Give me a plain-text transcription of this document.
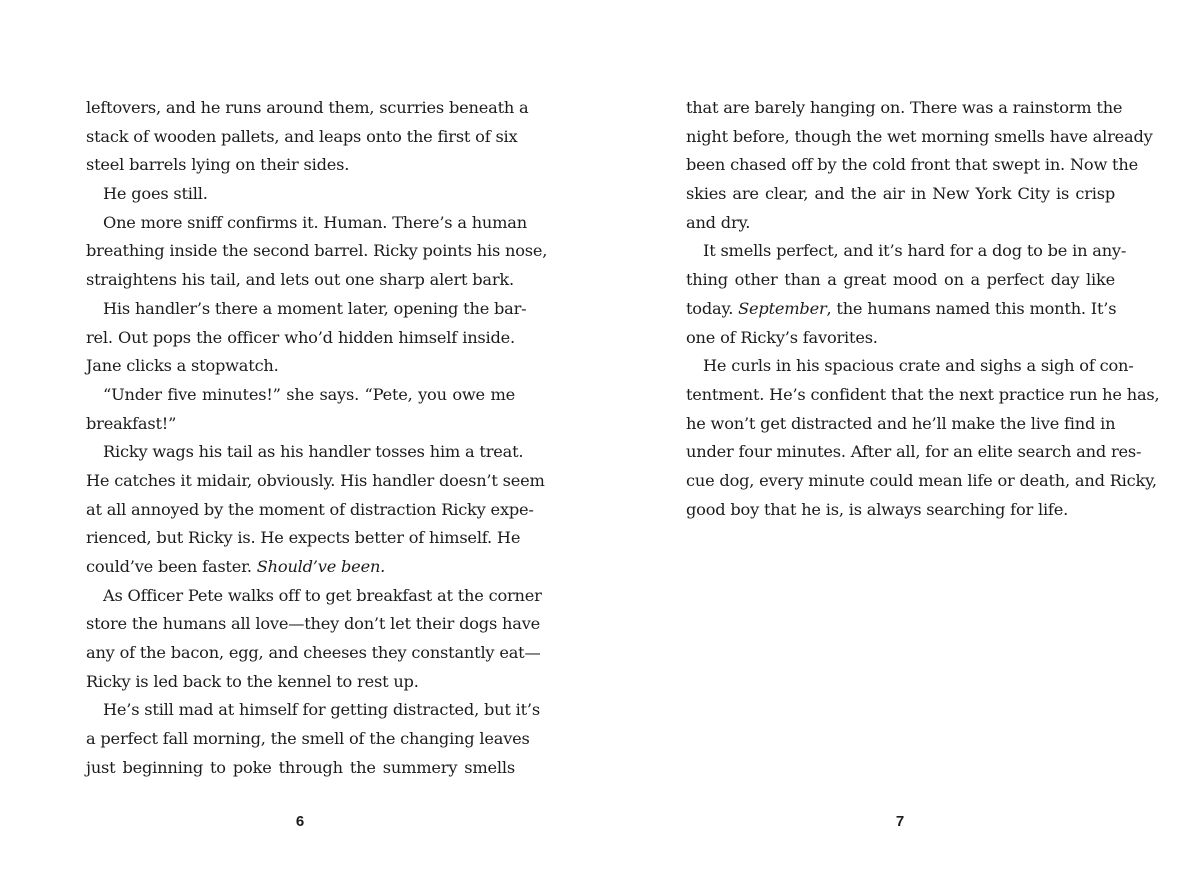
leftovers, and he runs around them, scurries beneath a
stack of wooden pallets, and leaps onto the first of six
steel barrels lying on their sides.
He goes still.
One more sniff confirms it. Human. There’s a human
breathing inside the second barrel. Ricky points his nose,
straightens his tail, and lets out one sharp alert bark.
His handler’s there a moment later, opening the bar-
rel. Out pops the officer who’d hidden himself inside.
Jane clicks a stopwatch.
“Under five minutes!” she says. “Pete, you owe me
breakfast!”
Ricky wags his tail as his handler tosses him a treat.
He catches it midair, obviously. His handler doesn’t seem
at all annoyed by the moment of distraction Ricky expe-
rienced, but Ricky is. He expects better of himself. He
could’ve been faster. Should’ve been.
As Officer Pete walks off to get breakfast at the corner
store the humans all love—they don’t let their dogs have
any of the bacon, egg, and cheeses they constantly eat—
Ricky is led back to the kennel to rest up.
He’s still mad at himself for getting distracted, but it’s
a perfect fall morning, the smell of the changing leaves
just beginning to poke through the summery smells
6
that are barely hanging on. There was a rainstorm the
night before, though the wet morning smells have already
been chased off by the cold front that swept in. Now the
skies are clear, and the air in New York City is crisp
and dry.
It smells perfect, and it’s hard for a dog to be in any-
thing other than a great mood on a perfect day like
today. September, the humans named this month. It’s
one of Ricky’s favorites.
He curls in his spacious crate and sighs a sigh of con-
tentment. He’s confident that the next practice run he has,
he won’t get distracted and he’ll make the live find in
under four minutes. After all, for an elite search and res-
cue dog, every minute could mean life or death, and Ricky,
good boy that he is, is always searching for life.
7
